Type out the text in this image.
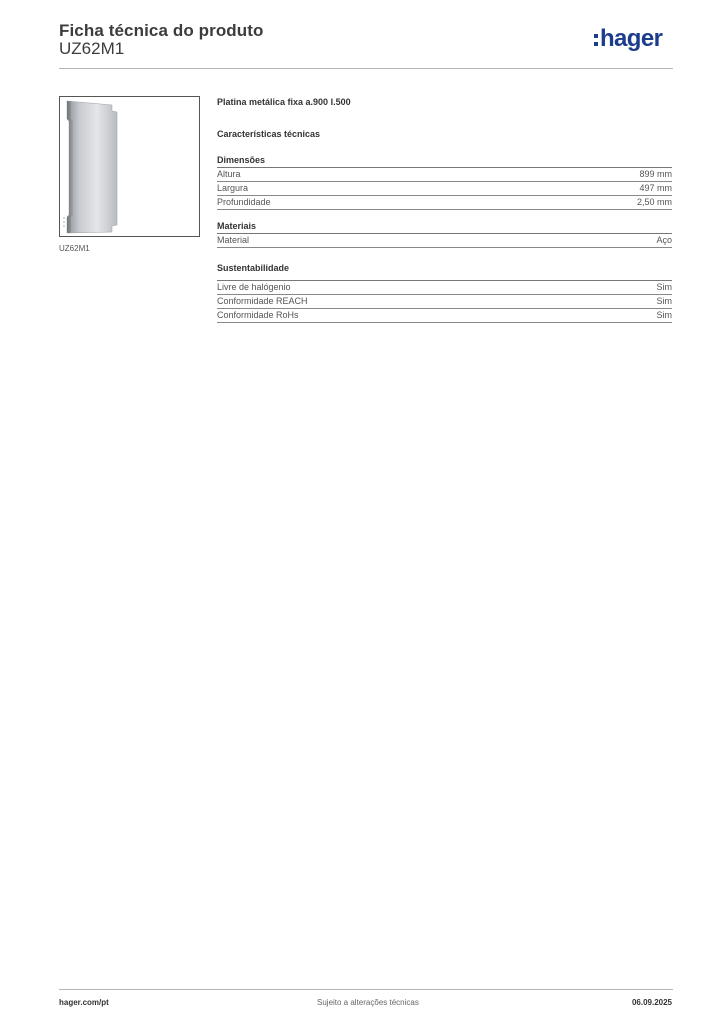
Ficha técnica do produto
UZ62M1	hager
UZ62M1
Platina metálica fixa a.900 l.500
Características técnicas
Dimensões
Altura	899 mm
Largura	497 mm
Profundidade	2,50 mm
Materiais
Material	Aço
Sustentabilidade
Livre de halógenio	Sim
Conformidade REACH	Sim
Conformidade RoHs	Sim
hager.com/pt	Sujeito a alterações técnicas	06.09.2025
